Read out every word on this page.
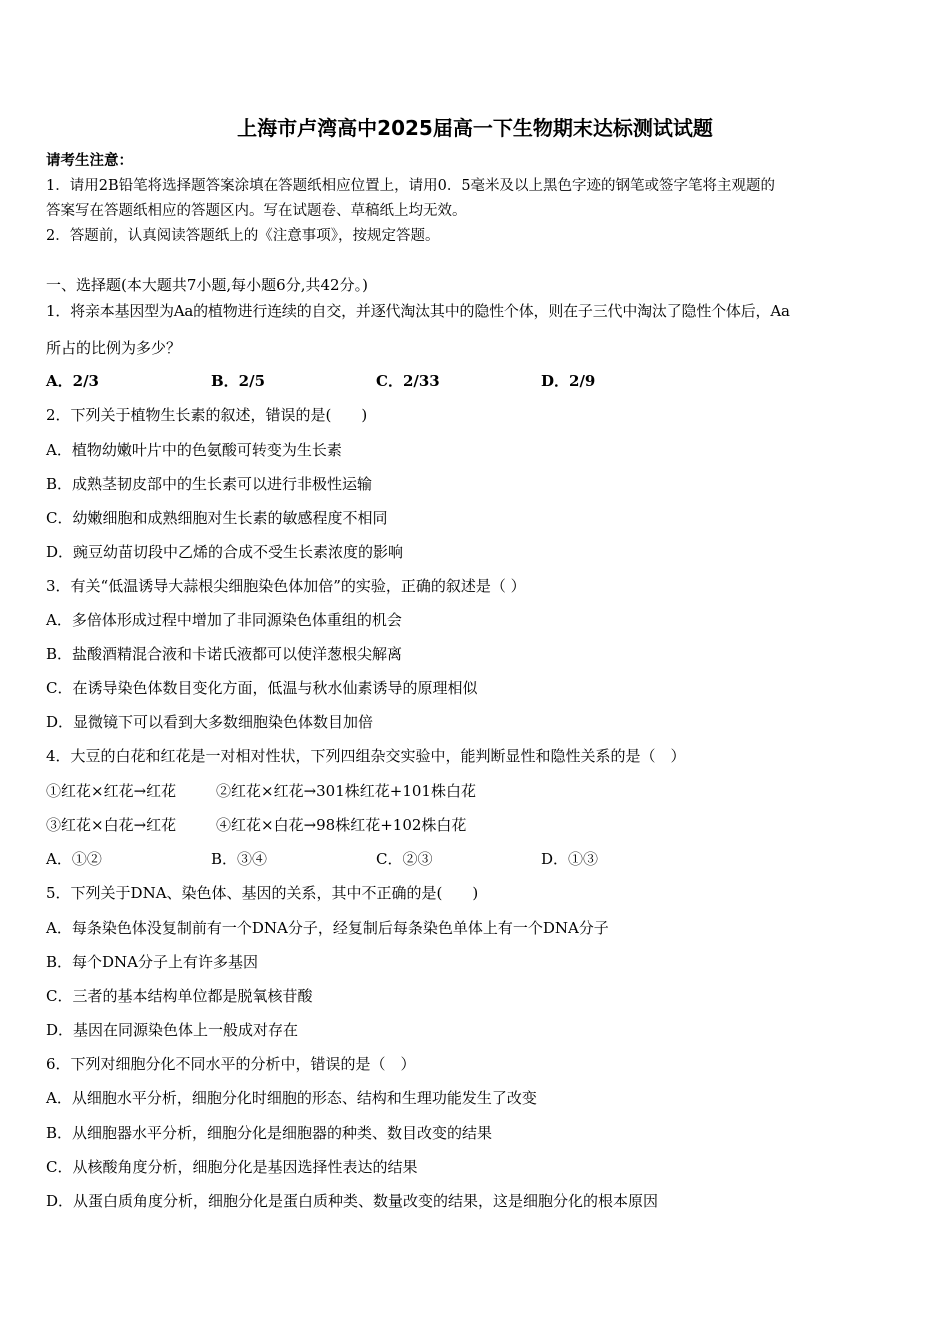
上海市卢湾高中2025届高一下生物期末达标测试试题
请考生注意：
1．请用2B铅笔将选择题答案涂填在答题纸相应位置上，请用0．5毫米及以上黑色字迹的钢笔或签字笔将主观题的
答案写在答题纸相应的答题区内。写在试题卷、草稿纸上均无效。
2．答题前，认真阅读答题纸上的《注意事项》，按规定答题。
一、选择题(本大题共7小题,每小题6分,共42分。)
1．将亲本基因型为Aa的植物进行连续的自交，并逐代淘汰其中的隐性个体，则在子三代中淘汰了隐性个体后，Aa
所占的比例为多少？
A．2/3	B．2/5	C．2/33	D．2/9
2．下列关于植物生长素的叙述，错误的是(　　)
A．植物幼嫩叶片中的色氨酸可转变为生长素
B．成熟茎韧皮部中的生长素可以进行非极性运输
C．幼嫩细胞和成熟细胞对生长素的敏感程度不相同
D．豌豆幼苗切段中乙烯的合成不受生长素浓度的影响
3．有关“低温诱导大蒜根尖细胞染色体加倍”的实验，正确的叙述是（ ）
A．多倍体形成过程中增加了非同源染色体重组的机会
B．盐酸酒精混合液和卡诺氏液都可以使洋葱根尖解离
C．在诱导染色体数目变化方面，低温与秋水仙素诱导的原理相似
D．显微镜下可以看到大多数细胞染色体数目加倍
4．大豆的白花和红花是一对相对性状，下列四组杂交实验中，能判断显性和隐性关系的是（　）
①红花×红花→红花	②红花×红花→301株红花+101株白花
③红花×白花→红花	④红花×白花→98株红花+102株白花
A．①②	B．③④	C．②③	D．①③
5．下列关于DNA、染色体、基因的关系，其中不正确的是(　　)
A．每条染色体没复制前有一个DNA分子，经复制后每条染色单体上有一个DNA分子
B．每个DNA分子上有许多基因
C．三者的基本结构单位都是脱氧核苷酸
D．基因在同源染色体上一般成对存在
6．下列对细胞分化不同水平的分析中，错误的是（　）
A．从细胞水平分析，细胞分化时细胞的形态、结构和生理功能发生了改变
B．从细胞器水平分析，细胞分化是细胞器的种类、数目改变的结果
C．从核酸角度分析，细胞分化是基因选择性表达的结果
D．从蛋白质角度分析，细胞分化是蛋白质种类、数量改变的结果，这是细胞分化的根本原因
